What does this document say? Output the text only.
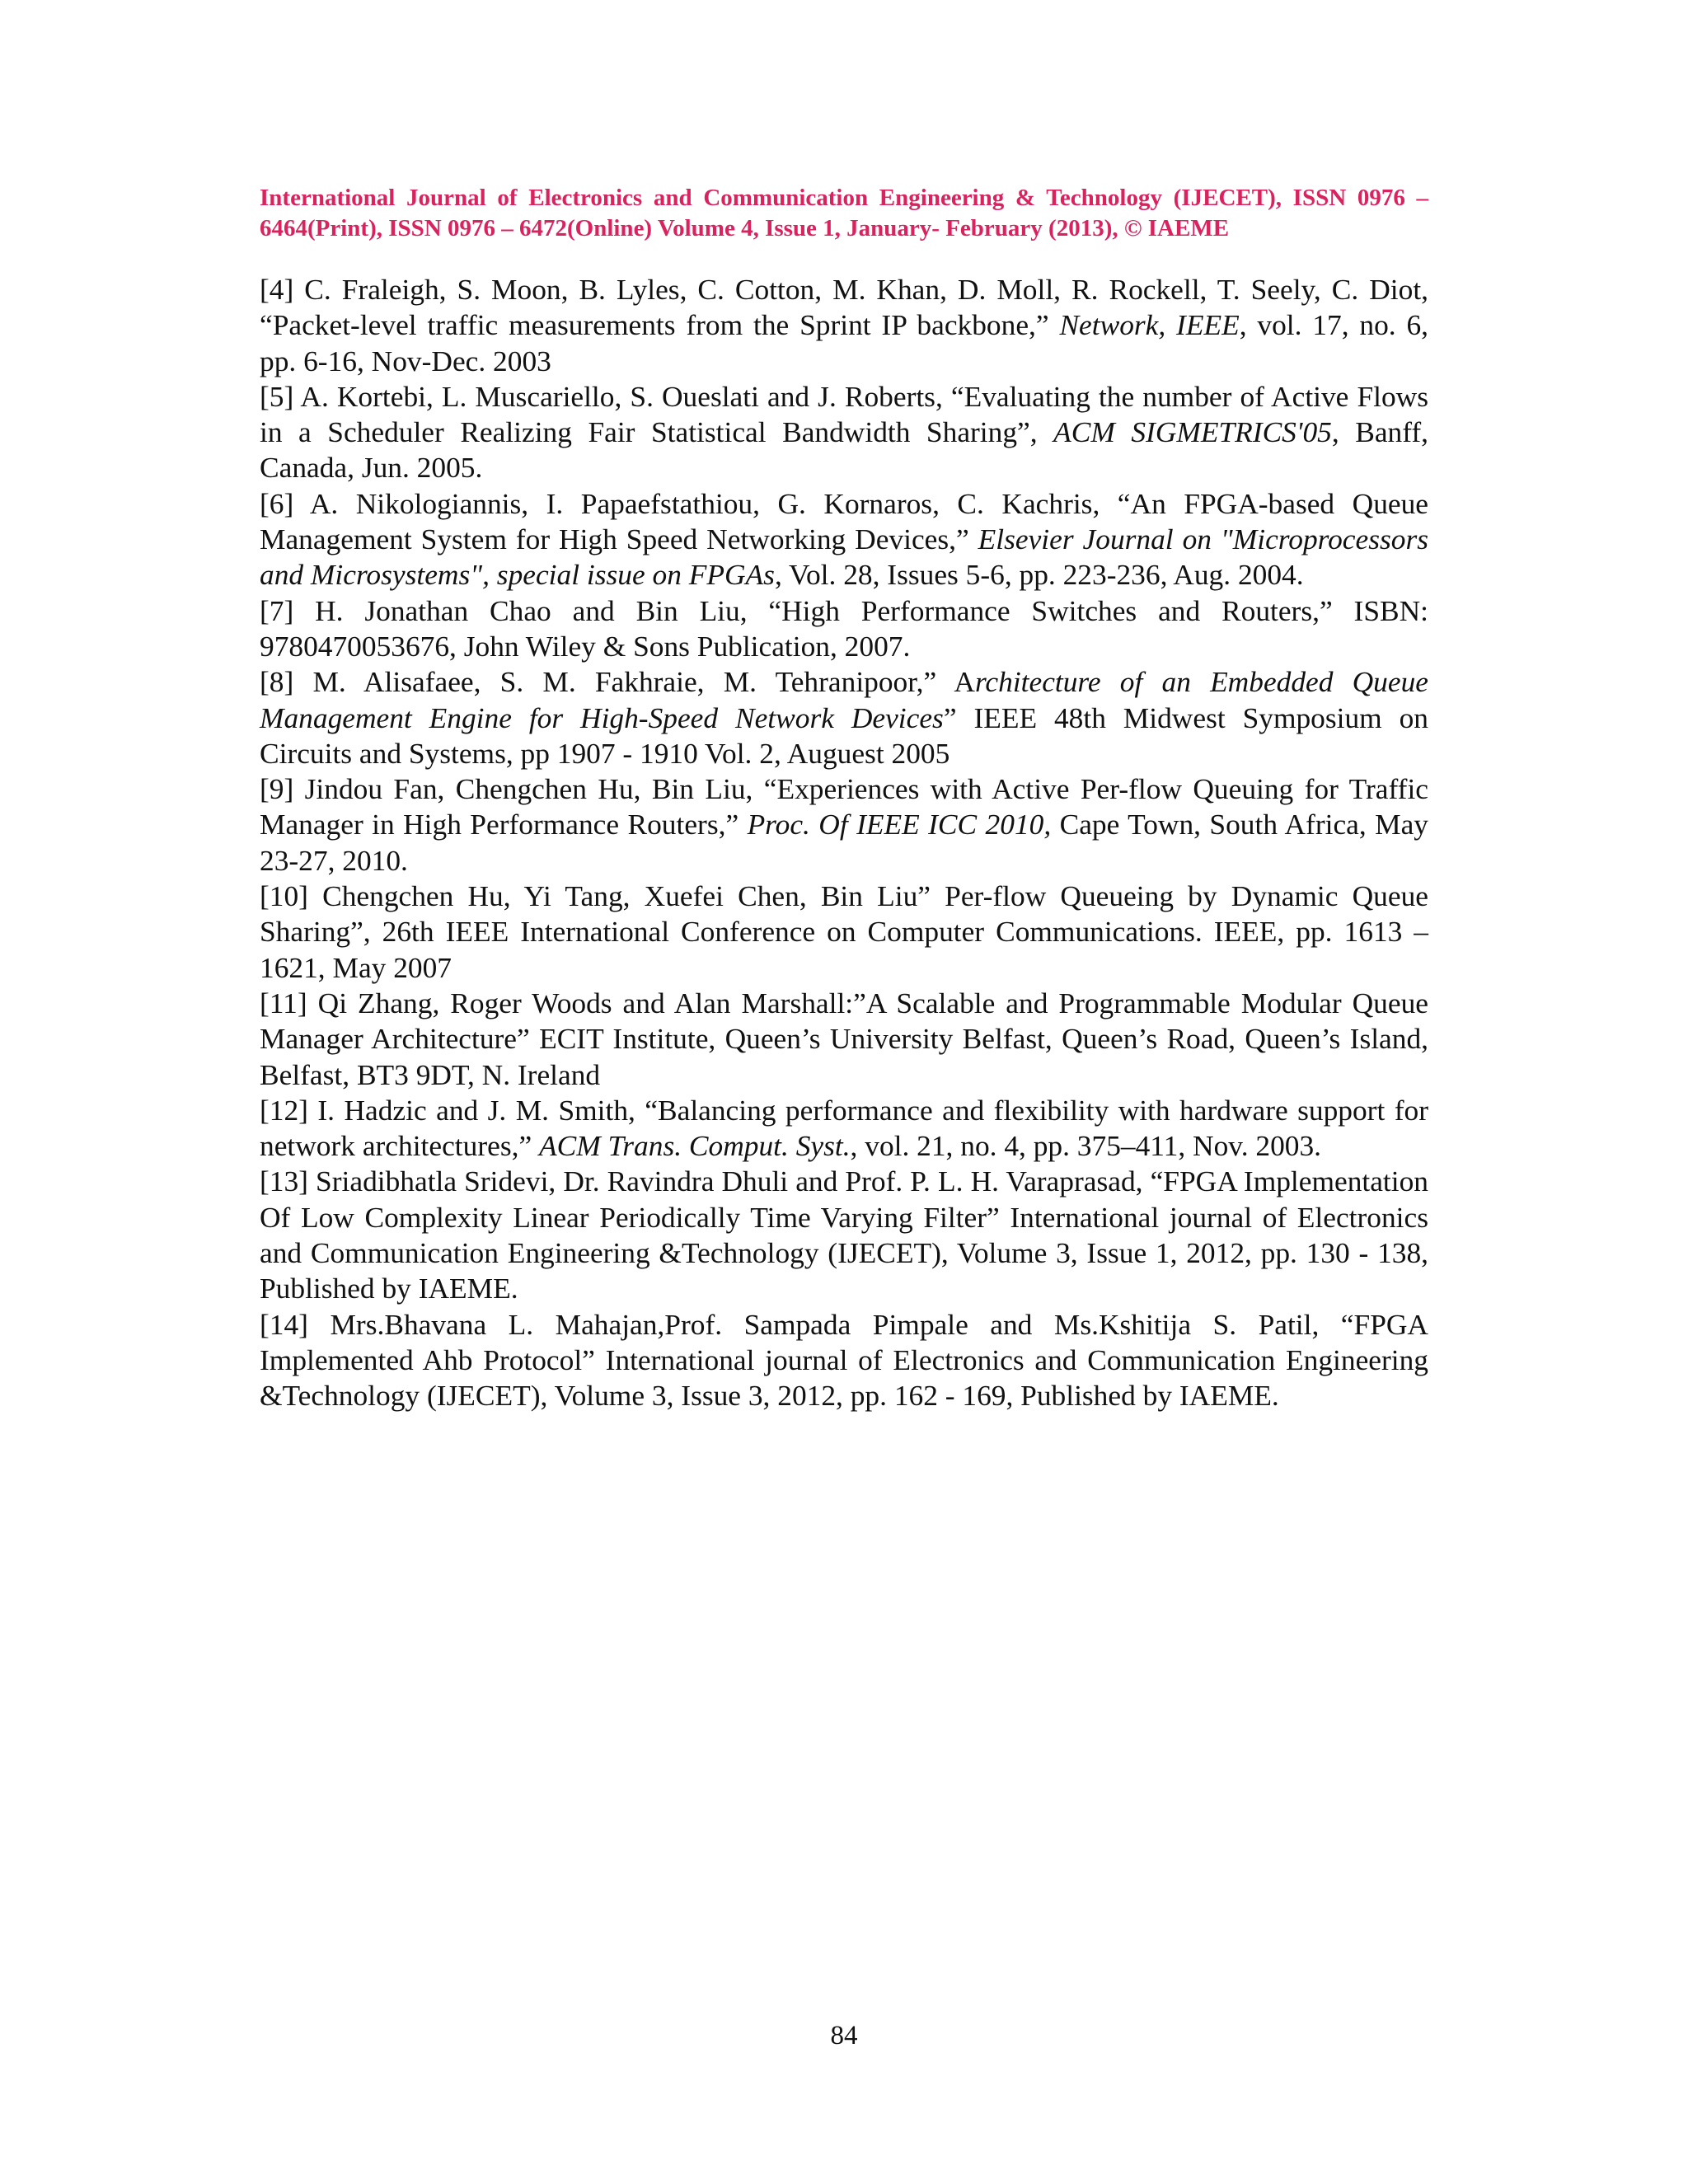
International Journal of Electronics and Communication Engineering & Technology (IJECET), ISSN 0976 – 6464(Print), ISSN 0976 – 6472(Online) Volume 4, Issue 1, January- February (2013), © IAEME

[4] C. Fraleigh, S. Moon, B. Lyles, C. Cotton, M. Khan, D. Moll, R. Rockell, T. Seely, C. Diot, “Packet-level traffic measurements from the Sprint IP backbone,” Network, IEEE, vol. 17, no. 6, pp. 6-16, Nov-Dec. 2003

[5] A. Kortebi, L. Muscariello, S. Oueslati and J. Roberts, “Evaluating the number of Active Flows in a Scheduler Realizing Fair Statistical Bandwidth Sharing”, ACM SIGMETRICS'05, Banff, Canada, Jun. 2005.

[6] A. Nikologiannis, I. Papaefstathiou, G. Kornaros, C. Kachris, “An FPGA-based Queue Management System for High Speed Networking Devices,” Elsevier Journal on "Microprocessors and Microsystems", special issue on FPGAs, Vol. 28, Issues 5-6, pp. 223-236, Aug. 2004.

[7] H. Jonathan Chao and Bin Liu, “High Performance Switches and Routers,” ISBN: 9780470053676, John Wiley & Sons Publication, 2007.

[8] M. Alisafaee, S. M. Fakhraie, M. Tehranipoor,” Architecture of an Embedded Queue Management Engine for High-Speed Network Devices” IEEE 48th Midwest Symposium on Circuits and Systems, pp 1907 - 1910 Vol. 2, Auguest 2005

[9] Jindou Fan, Chengchen Hu, Bin Liu, “Experiences with Active Per-flow Queuing for Traffic Manager in High Performance Routers,” Proc. Of IEEE ICC 2010, Cape Town, South Africa, May 23-27, 2010.

[10] Chengchen Hu, Yi Tang, Xuefei Chen, Bin Liu” Per-flow Queueing by Dynamic Queue Sharing”, 26th IEEE International Conference on Computer Communications. IEEE, pp. 1613 – 1621, May 2007

[11] Qi Zhang, Roger Woods and Alan Marshall:”A Scalable and Programmable Modular Queue Manager Architecture” ECIT Institute, Queen’s University Belfast, Queen’s Road, Queen’s Island, Belfast, BT3 9DT, N. Ireland

[12] I. Hadzic and J. M. Smith, “Balancing performance and flexibility with hardware support for network architectures,” ACM Trans. Comput. Syst., vol. 21, no. 4, pp. 375–411, Nov. 2003.

[13] Sriadibhatla Sridevi, Dr. Ravindra Dhuli and Prof. P. L. H. Varaprasad, “FPGA Implementation Of Low Complexity Linear Periodically Time Varying Filter” International journal of Electronics and Communication Engineering &Technology (IJECET), Volume 3, Issue 1, 2012, pp. 130 - 138, Published by IAEME.

[14] Mrs.Bhavana L. Mahajan,Prof. Sampada Pimpale and Ms.Kshitija S. Patil, “FPGA Implemented Ahb Protocol” International journal of Electronics and Communication Engineering &Technology (IJECET), Volume 3, Issue 3, 2012, pp. 162 - 169, Published by IAEME.

84
